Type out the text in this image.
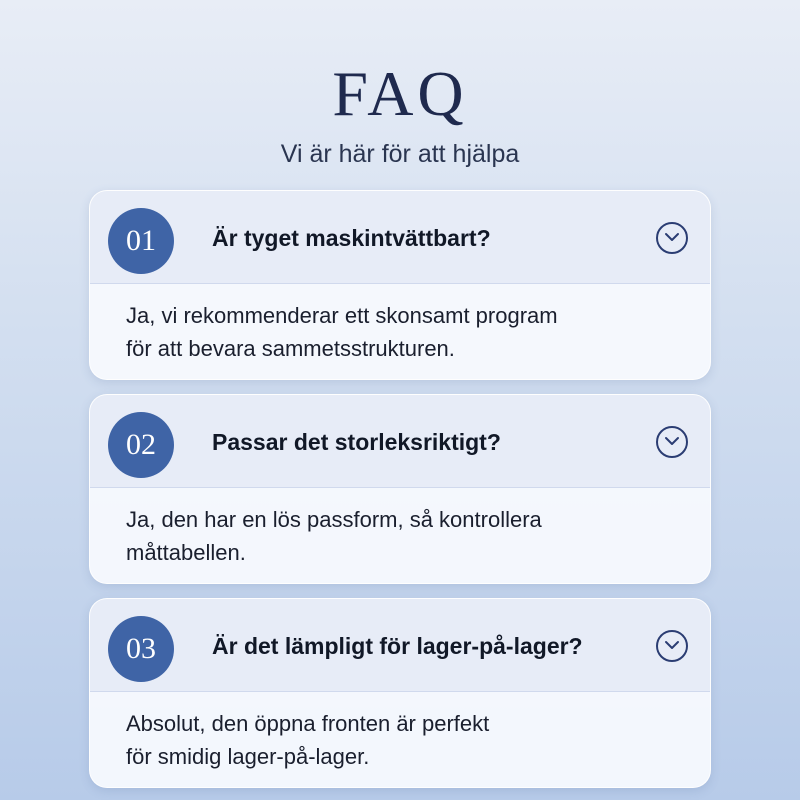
FAQ
Vi är här för att hjälpa
01	Är tyget maskintvättbart?
Ja, vi rekommenderar ett skonsamt program
för att bevara sammetsstrukturen.
02	Passar det storleksriktigt?
Ja, den har en lös passform, så kontrollera
måttabellen.
03	Är det lämpligt för lager-på-lager?
Absolut, den öppna fronten är perfekt
för smidig lager-på-lager.
